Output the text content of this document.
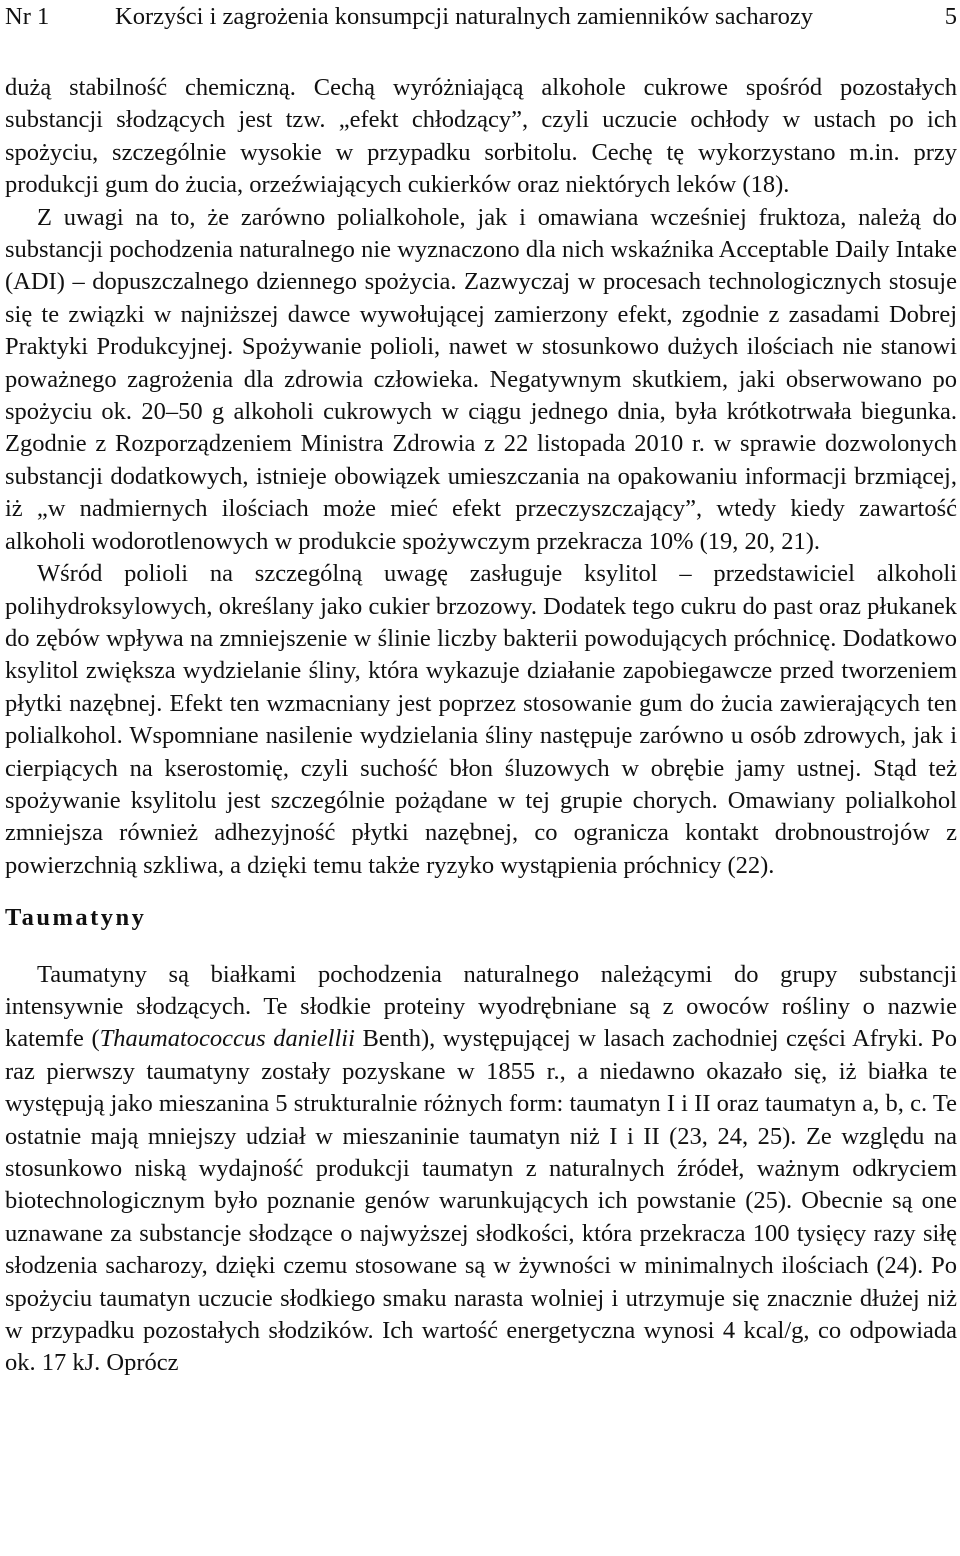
Nr 1	Korzyści i zagrożenia konsumpcji naturalnych zamienników sacharozy	5

dużą stabilność chemiczną. Cechą wyróżniającą alkohole cukrowe spośród pozostałych substancji słodzących jest tzw. „efekt chłodzący”, czyli uczucie ochłody w ustach po ich spożyciu, szczególnie wysokie w przypadku sorbitolu. Cechę tę wykorzystano m.in. przy produkcji gum do żucia, orzeźwiających cukierków oraz niektórych leków (18).

Z uwagi na to, że zarówno polialkohole, jak i omawiana wcześniej fruktoza, należą do substancji pochodzenia naturalnego nie wyznaczono dla nich wskaźnika Acceptable Daily Intake (ADI) – dopuszczalnego dziennego spożycia. Zazwyczaj w procesach technologicznych stosuje się te związki w najniższej dawce wywołującej zamierzony efekt, zgodnie z zasadami Dobrej Praktyki Produkcyjnej. Spożywanie polioli, nawet w stosunkowo dużych ilościach nie stanowi poważnego zagrożenia dla zdrowia człowieka. Negatywnym skutkiem, jaki obserwowano po spożyciu ok. 20–50 g alkoholi cukrowych w ciągu jednego dnia, była krótkotrwała biegunka. Zgodnie z Rozporządzeniem Ministra Zdrowia z 22 listopada 2010 r. w sprawie dozwolonych substancji dodatkowych, istnieje obowiązek umieszczania na opakowaniu informacji brzmiącej, iż „w nadmiernych ilościach może mieć efekt przeczyszczający”, wtedy kiedy zawartość alkoholi wodorotlenowych w produkcie spożywczym przekracza 10% (19, 20, 21).

Wśród polioli na szczególną uwagę zasługuje ksylitol – przedstawiciel alkoholi polihydroksylowych, określany jako cukier brzozowy. Dodatek tego cukru do past oraz płukanek do zębów wpływa na zmniejszenie w ślinie liczby bakterii powodujących próchnicę. Dodatkowo ksylitol zwiększa wydzielanie śliny, która wykazuje działanie zapobiegawcze przed tworzeniem płytki nazębnej. Efekt ten wzmacniany jest poprzez stosowanie gum do żucia zawierających ten polialkohol. Wspomniane nasilenie wydzielania śliny następuje zarówno u osób zdrowych, jak i cierpiących na kserostomię, czyli suchość błon śluzowych w obrębie jamy ustnej. Stąd też spożywanie ksylitolu jest szczególnie pożądane w tej grupie chorych. Omawiany polialkohol zmniejsza również adhezyjność płytki nazębnej, co ogranicza kontakt drobnoustrojów z powierzchnią szkliwa, a dzięki temu także ryzyko wystąpienia próchnicy (22).

Taumatyny

Taumatyny są białkami pochodzenia naturalnego należącymi do grupy substancji intensywnie słodzących. Te słodkie proteiny wyodrębniane są z owoców rośliny o nazwie katemfe (Thaumatococcus daniellii Benth), występującej w lasach zachodniej części Afryki. Po raz pierwszy taumatyny zostały pozyskane w 1855 r., a niedawno okazało się, iż białka te występują jako mieszanina 5 strukturalnie różnych form: taumatyn I i II oraz taumatyn a, b, c. Te ostatnie mają mniejszy udział w mieszaninie taumatyn niż I i II (23, 24, 25). Ze względu na stosunkowo niską wydajność produkcji taumatyn z naturalnych źródeł, ważnym odkryciem biotechnologicznym było poznanie genów warunkujących ich powstanie (25). Obecnie są one uznawane za substancje słodzące o najwyższej słodkości, która przekracza 100 tysięcy razy siłę słodzenia sacharozy, dzięki czemu stosowane są w żywności w minimalnych ilościach (24). Po spożyciu taumatyn uczucie słodkiego smaku narasta wolniej i utrzymuje się znacznie dłużej niż w przypadku pozostałych słodzików. Ich wartość energetyczna wynosi 4 kcal/g, co odpowiada ok. 17 kJ. Oprócz
